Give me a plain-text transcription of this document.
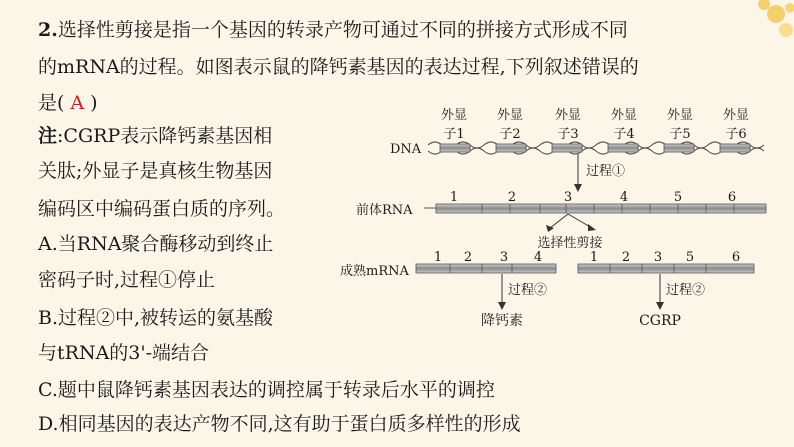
2.选择性剪接是指一个基因的转录产物可通过不同的拼接方式形成不同
的mRNA的过程。如图表示鼠的降钙素基因的表达过程,下列叙述错误的
是( A )
注:CGRP表示降钙素基因相
关肽;外显子是真核生物基因
编码区中编码蛋白质的序列。
A.当RNA聚合酶移动到终止
密码子时,过程①停止
B.过程②中,被转运的氨基酸
与tRNA的3'-端结合
C.题中鼠降钙素基因表达的调控属于转录后水平的调控
D.相同基因的表达产物不同,这有助于蛋白质多样性的形成
外显 外显 外显 外显 外显 外显
子1	子2	子3	子4	子5	子6
DNA
过程①
前体RNA
1	2	3	4	5	6
选择性剪接
成熟mRNA
1 2 3 4	1 2 3 5	6
过程②	过程②
降钙素	CGRP
